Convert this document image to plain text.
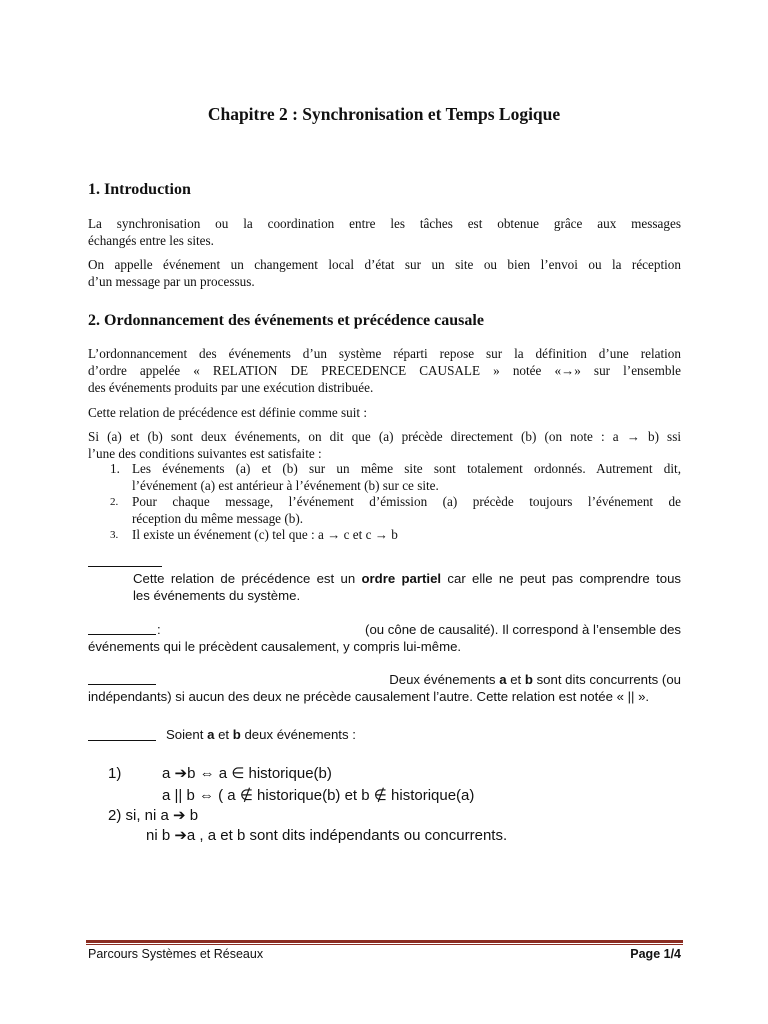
Chapitre 2 : Synchronisation et Temps Logique
1. Introduction
La synchronisation ou la coordination entre les tâches est obtenue grâce aux messages
échangés entre les sites.
On appelle événement un changement local d’état sur un site ou bien l’envoi ou la réception
d’un message par un processus.
2. Ordonnancement des événements et précédence causale
L’ordonnancement des événements d’un système réparti repose sur la définition d’une relation
d’ordre appelée « RELATION DE PRECEDENCE CAUSALE » notée «→» sur l’ensemble
des événements produits par une exécution distribuée.
Cette relation de précédence est définie comme suit :
Si (a) et (b) sont deux événements, on dit que (a) précède directement (b) (on note : a → b) ssi
l’une des conditions suivantes est satisfaite :
1. Les événements (a) et (b) sur un même site sont totalement ordonnés. Autrement dit,
l’événement (a) est antérieur à l’événement (b) sur ce site.
2. Pour chaque message, l’événement d’émission (a) précède toujours l’événement de
réception du même message (b).
3. Il existe un événement (c) tel que : a → c et c → b
Cette relation de précédence est un ordre partiel car elle ne peut pas comprendre tous
les événements du système.
:	(ou cône de causalité). Il correspond à l’ensemble des
événements qui le précèdent causalement, y compris lui-même.
Deux événements a et b sont dits concurrents (ou
indépendants) si aucun des deux ne précède causalement l’autre. Cette relation est notée « || ».
Soient a et b deux événements :
1)	a ➔b ⇔ a ∈ historique(b)
a || b ⇔ ( a ∉ historique(b) et b ∉ historique(a)
2) si, ni a ➔ b
ni b ➔a , a et b sont dits indépendants ou concurrents.
Parcours Systèmes et Réseaux	Page 1/4
